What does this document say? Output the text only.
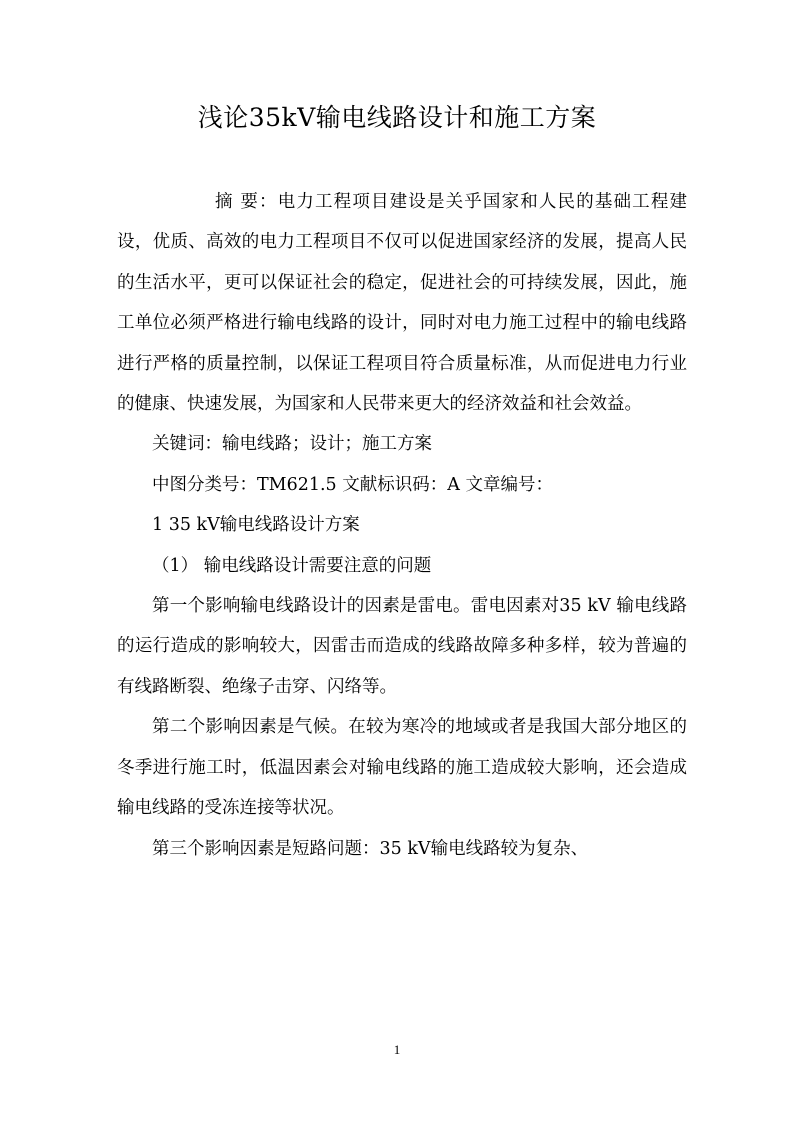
浅论35kV输电线路设计和施工方案

摘 要：电力工程项目建设是关乎国家和人民的基础工程建设，优质、高效的电力工程项目不仅可以促进国家经济的发展，提高人民的生活水平，更可以保证社会的稳定，促进社会的可持续发展，因此，施工单位必须严格进行输电线路的设计，同时对电力施工过程中的输电线路进行严格的质量控制，以保证工程项目符合质量标准，从而促进电力行业的健康、快速发展，为国家和人民带来更大的经济效益和社会效益。

关键词：输电线路；设计；施工方案

中图分类号：TM621.5 文献标识码：A 文章编号：

1 35 kV输电线路设计方案

（1） 输电线路设计需要注意的问题

第一个影响输电线路设计的因素是雷电。雷电因素对35 kV 输电线路的运行造成的影响较大，因雷击而造成的线路故障多种多样，较为普遍的有线路断裂、绝缘子击穿、闪络等。

第二个影响因素是气候。在较为寒冷的地域或者是我国大部分地区的冬季进行施工时，低温因素会对输电线路的施工造成较大影响，还会造成输电线路的受冻连接等状况。

第三个影响因素是短路问题：35 kV输电线路较为复杂、

1
